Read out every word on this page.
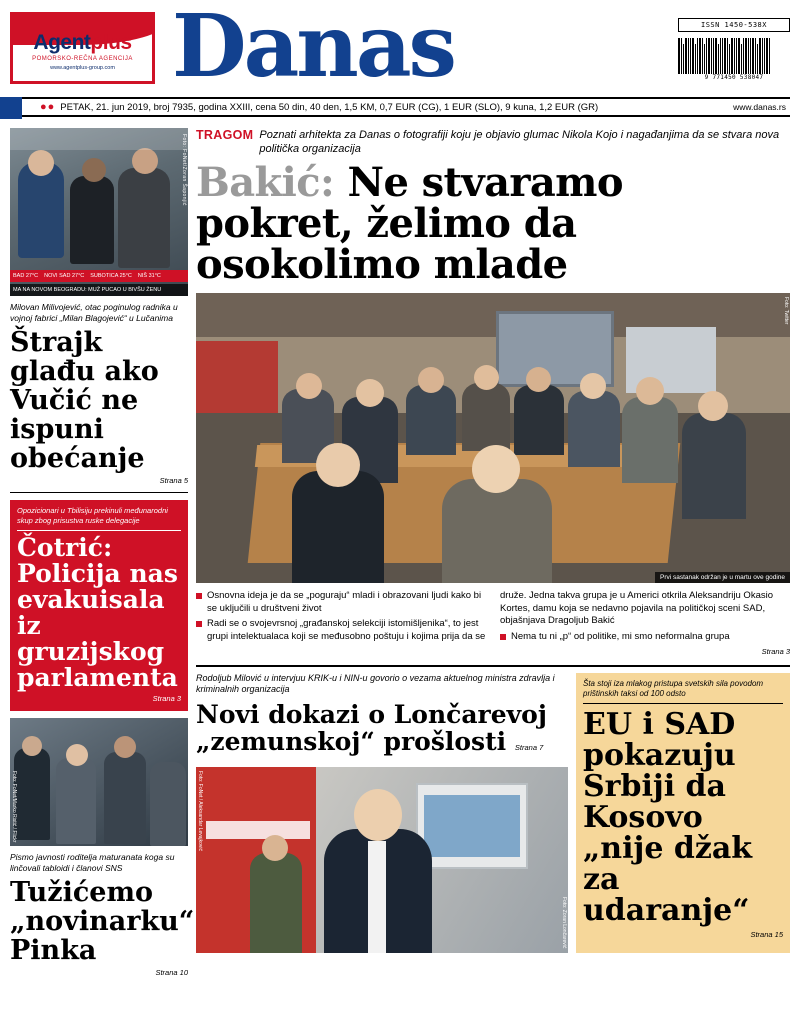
Agentplus
POMORSKO-REČNA AGENCIJA
www.agentplus-group.com Danas	ISSN 1450-538X
9 771450 538047
●● PETAK, 21. jun 2019, broj 7935, godina XXIII, cena 50 din, 40 den, 1,5 KM, 0,7 EUR (CG), 1 EUR (SLO), 9 kuna, 1,2 EUR (GR)	www.danas.rs
Foto: FoNet/Zoran Šaponjić
BAD 27°C NOVI SAD 27°C SUBOTICA 25°C NIŠ 31°C
MA NA NOVOM BEOGRADU: MUŽ PUCAO U BIVŠU ŽENU
Milovan Milivojević, otac poginulog radnika u vojnoj fabrici „Milan Blagojević“ u Lučanima
Štrajk glađu ako Vučić ne ispuni obećanje
Strana 5
Opozicionari u Tbilisiju prekinuli međunarodni skup zbog prisustva ruske delegacije
Čotrić: Policija nas evakuisala iz gruzijskog parlamenta
Strana 3
Foto: FoNet/Marko Ristić / Flickr
Pismo javnosti roditelja maturanata koga su linčovali tabloidi i članovi SNS
Tužićemo „novinarku“ Pinka
Strana 10
TRAGOM Poznati arhitekta za Danas o fotografiji koju je objavio glumac Nikola Kojo i nagađanjima da se stvara nova politička organizacija
Bakić: Ne stvaramo pokret, želimo da osokolimo mlade
Foto: Twitter
Prvi sastanak održan je u martu ove godine

Osnovna ideja je da se „poguraju“ mladi i obrazovani ljudi kako bi se uključili u društveni život

Radi se o svojevrsnoj „građanskoj selekciji istomišljenika“, to jest grupi intelektualaca koji se međusobno poštuju i kojima prija da se

druže. Jedna takva grupa je u Americi otkrila Aleksandriju Okasio Kortes, damu koja se nedavno pojavila na političkoj sceni SAD, objašnjava Dragoljub Bakić

Nema tu ni „p“ od politike, mi smo neformalna grupa

Strana 3
Rodoljub Milović u intervjuu KRIK-u i NIN-u govorio o vezama aktuelnog ministra zdravlja i kriminalnih organizacija
Novi dokazi o Lončarevoj „zemunskoj“ prošlosti Strana 7
Foto: FoNet / Aleksandar Levajković
Foto: Zoran Lončarević
Šta stoji iza mlakog pristupa svetskih sila povodom prištinskih taksi od 100 odsto
EU i SAD pokazuju Srbiji da Kosovo „nije džak za udaranje“
Strana 15
